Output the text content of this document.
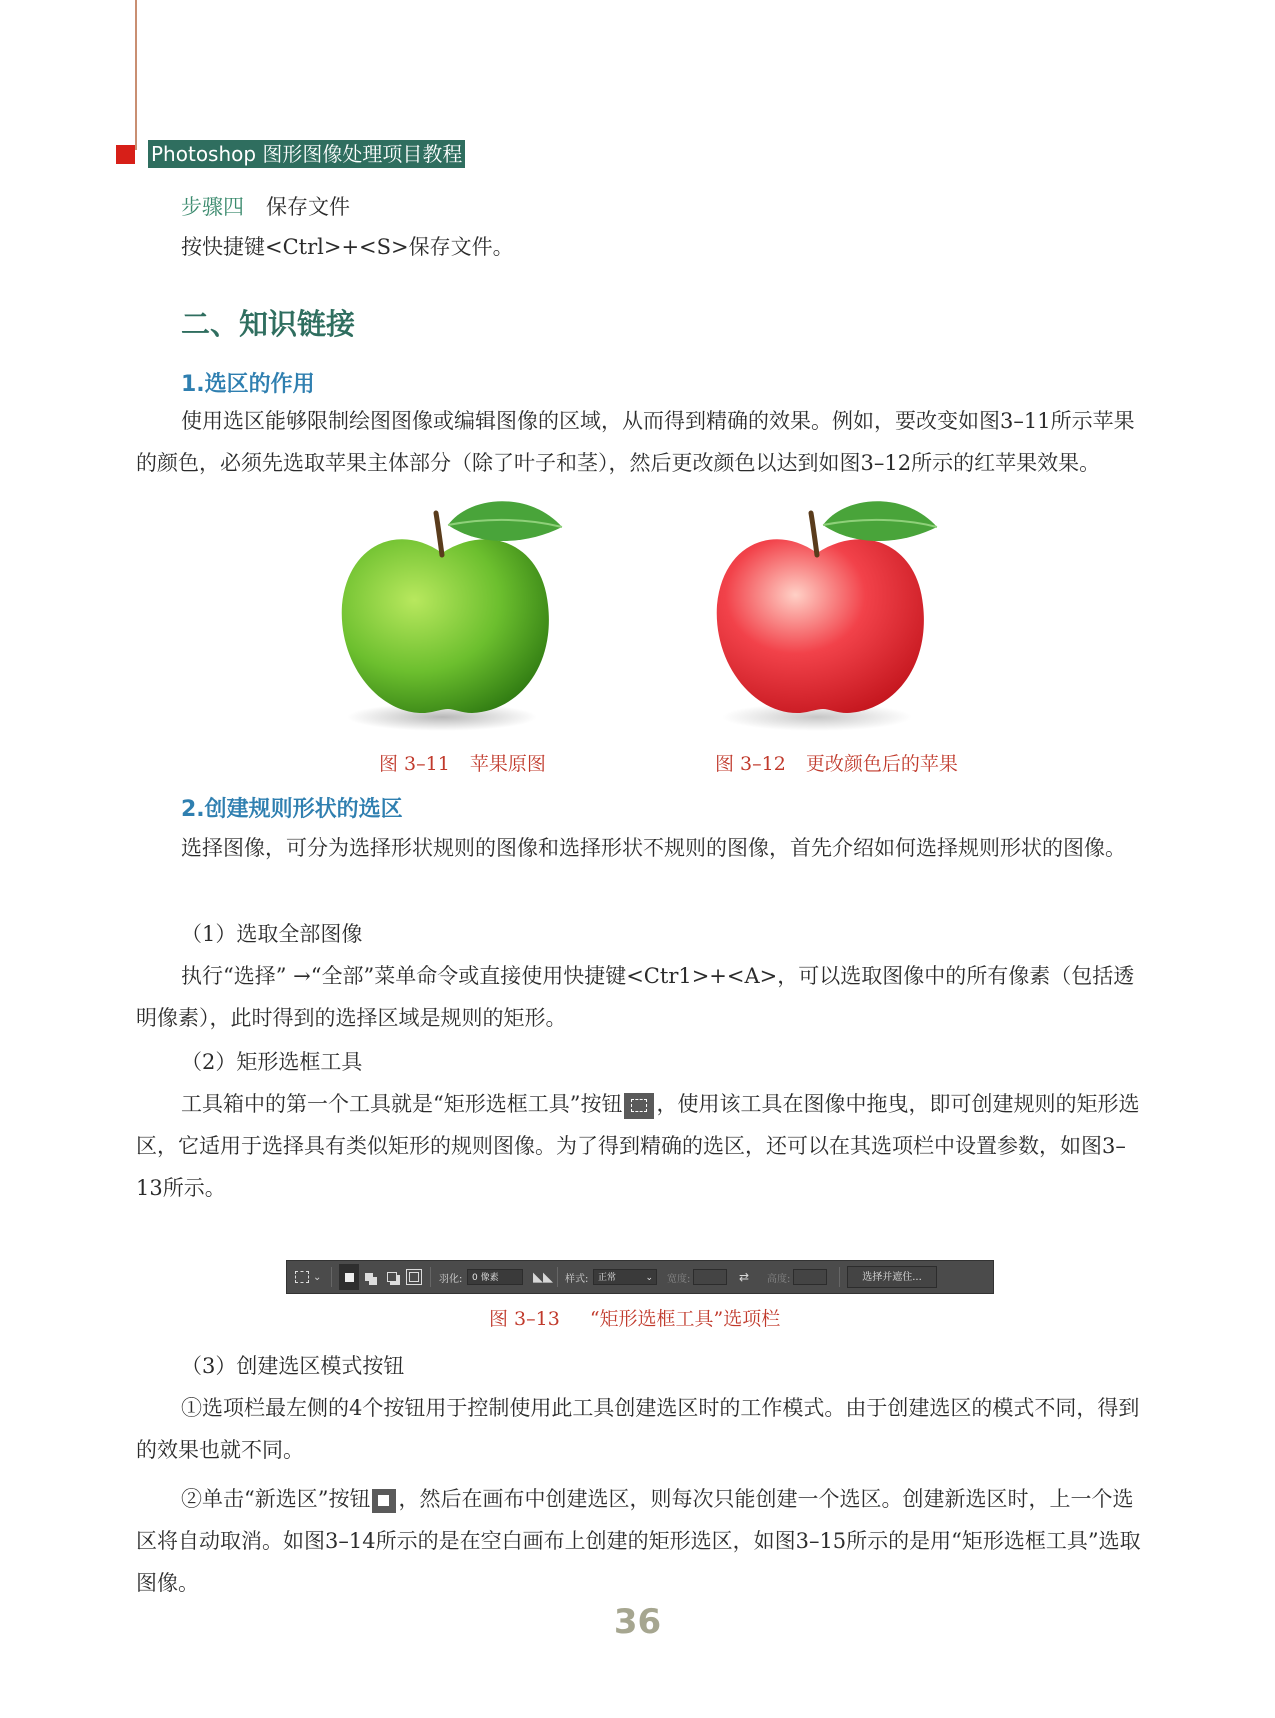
Photoshop 图形图像处理项目教程
步骤四 保存文件
按快捷键<Ctrl>+<S>保存文件。
二、知识链接
1.选区的作用
使用选区能够限制绘图图像或编辑图像的区域，从而得到精确的效果。例如，要改变如图3–11所示苹果的颜色，必须先选取苹果主体部分（除了叶子和茎），然后更改颜色以达到如图3–12所示的红苹果效果。
图 3–11 苹果原图	图 3–12 更改颜色后的苹果
2.创建规则形状的选区
选择图像，可分为选择形状规则的图像和选择形状不规则的图像，首先介绍如何选择规则形状的图像。
（1）选取全部图像
执行“选择” →“全部”菜单命令或直接使用快捷键<Ctr1>+<A>，可以选取图像中的所有像素（包括透明像素），此时得到的选择区域是规则的矩形。
（2）矩形选框工具
工具箱中的第一个工具就是“矩形选框工具”按钮 ，使用该工具在图像中拖曳，即可创建规则的矩形选区，它适用于选择具有类似矩形的规则图像。为了得到精确的选区，还可以在其选项栏中设置参数，如图3–13所示。
⌄	羽化:	0 像素	◣◣ 样式:	正常	⌄ 宽度:	⇄ 高度:	选择并遮住...
图 3–13 “矩形选框工具”选项栏
（3）创建选区模式按钮
①选项栏最左侧的4个按钮用于控制使用此工具创建选区时的工作模式。由于创建选区的模式不同，得到的效果也就不同。
②单击“新选区”按钮 ，然后在画布中创建选区，则每次只能创建一个选区。创建新选区时，上一个选区将自动取消。如图3–14所示的是在空白画布上创建的矩形选区，如图3–15所示的是用“矩形选框工具”选取图像。
36
